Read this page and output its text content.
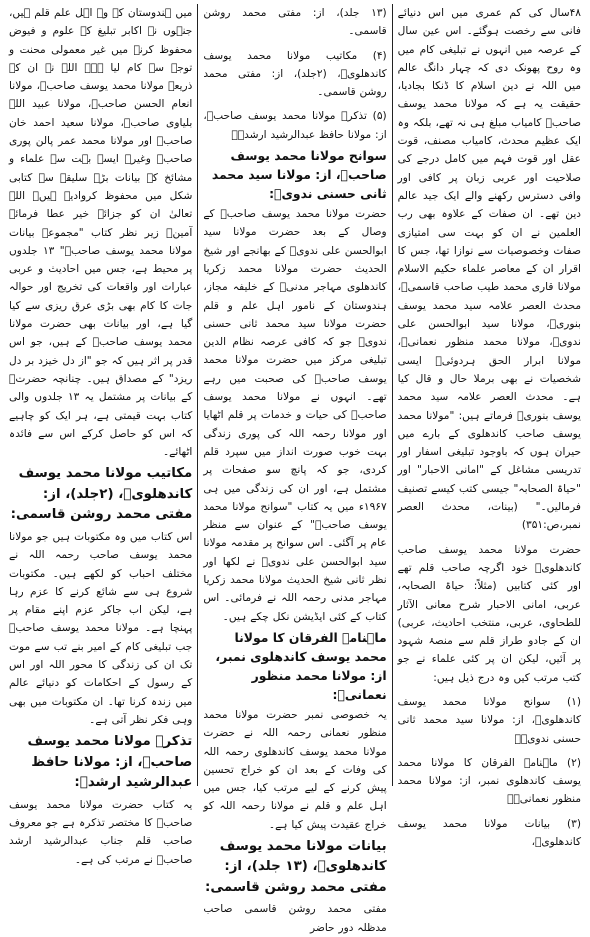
۴۸سال کی کم عمری میں اس دنیائے فانی سے رخصت ہوگئے۔ اس عین سال کے عرصہ میں انہوں نے تبلیغی کام میں وہ روح پھونک دی کہ چہار دانگ عالم میں اللہ نے دین اسلام کا ڈنکا بجادیا، حقیقت یہ ہے کہ مولانا محمد یوسف صاحبؒ کامیاب مبلغ ہی نہ تھے، بلکہ وہ ایک عظیم محدث، کامیاب مصنف، قوت عقل اور قوت فہم میں کامل درجے کی صلاحیت اور عربی زبان پر کافی اور وافی دسترس رکھنے والے ایک جید عالم دین تھے۔ ان صفات کے علاوہ بھی رب العلمین نے ان کو بہت سی امتیازی صفات وخصوصیات سے نوازا تھا، جس کا اقرار ان کے معاصر علماء حکیم الاسلام مولانا قاری محمد طیب صاحب قاسمیؒ، محدث العصر علامہ سید محمد یوسف بنوریؒ، مولانا سید ابوالحسن علی ندویؒ، مولانا محمد منظور نعمانیؒ، مولانا ابرار الحق ہردوئیؒ ایسی شخصیات نے بھی برملا حال و قال کیا ہے۔ محدث العصر علامہ سید محمد یوسف بنوریؒ فرماتے ہیں: "مولانا محمد یوسف صاحب کاندھلوی کے بارے میں حیران ہوں کہ باوجود تبلیغی اسفار اور تدریسی مشاغل کے "امانی الاحبار" اور "حیاۃ الصحابہ" جیسی کتب کیسے تصنیف فرمالیں۔" (بینات، محدث العصر نمبر،ص:۳۵۱)

حضرت مولانا محمد یوسف صاحب کاندھلویؒ خود اگرچہ صاحب قلم تھے اور کئی کتابیں (مثلاً: حیاۃ الصحابہ، عربی، امانی الاحبار شرح معانی الآثار للطحاوی، عربی، منتخب احادیث، عربی) ان کے جادو طراز قلم سے منصۂ شہود پر آئیں، لیکن ان پر کئی علماء نے جو کتب مرتب کیں وہ درج ذیل ہیں:

(۱) سوانح مولانا محمد یوسف کاندھلویؒ، از: مولانا سید محمد ثانی حسنی ندویؒ۔

(۲) ماہنامہ الفرقان کا مولانا محمد یوسف کاندھلوی نمبر، از: مولانا محمد منظور نعمانیؒ۔

(۳) بیانات مولانا محمد یوسف کاندھلویؒ،

(۱۳ جلد)، از: مفتی محمد روشن قاسمی۔

(۴) مکاتیب مولانا محمد یوسف کاندھلویؒ، (۲جلد)، از: مفتی محمد روشن قاسمی۔

(۵) تذکرہ مولانا محمد یوسف صاحبؒ، از: مولانا حافظ عبدالرشید ارشدؒ۔

سوانح مولانا محمد یوسف صاحبؒ، از: مولانا سید محمد ثانی حسنی ندویؒ:

حضرت مولانا محمد یوسف صاحبؒ کے وصال کے بعد حضرت مولانا سید ابوالحسن علی ندویؒ کے بھانجے اور شیخ الحدیث حضرت مولانا محمد زکریا کاندھلوی مہاجر مدنیؒ کے خلیفہ مجاز، ہندوستان کے نامور اہل علم و قلم حضرت مولانا سید محمد ثانی حسنی ندویؒ جو کہ کافی عرصہ نظام الدین تبلیغی مرکز میں حضرت مولانا محمد یوسف صاحبؒ کی صحبت میں رہے تھے۔ انہوں نے مولانا محمد یوسف صاحبؒ کی حیات و خدمات پر قلم اٹھایا اور مولانا رحمہ اللہ کی پوری زندگی بہت خوب صورت انداز میں سپرد قلم کردی، جو کہ پانچ سو صفحات پر مشتمل ہے، اور ان کی زندگی میں ہی ۱۹۶۷ء میں یہ کتاب "سوانح مولانا محمد یوسف صاحبؒ" کے عنوان سے منظر عام پر آگئی۔ اس سوانح پر مقدمہ مولانا سید ابوالحسن علی ندویؒ نے لکھا اور نظر ثانی شیخ الحدیث مولانا محمد زکریا مہاجر مدنی رحمہ اللہ نے فرمائی۔ اس کتاب کے کئی ایڈیشن نکل چکے ہیں۔

ماہنامہ الفرقان کا مولانا محمد یوسف کاندھلوی نمبر، از: مولانا محمد منظور نعمانیؒ:

یہ خصوصی نمبر حضرت مولانا محمد منظور نعمانی رحمہ اللہ نے حضرت مولانا محمد یوسف کاندھلوی رحمہ اللہ کی وفات کے بعد ان کو خراج تحسین پیش کرنے کے لیے مرتب کیا، جس میں اہل علم و قلم نے مولانا رحمہ اللہ کو خراج عقیدت پیش کیا ہے۔

بیانات مولانا محمد یوسف کاندھلویؒ، (۱۳ جلد)، از: مفتی محمد روشن قاسمی:

مفتی محمد روشن قاسمی صاحب مدظلہ دور حاضر

میں ہندوستان کے وہ اہل علم قلم ہیں، جنہوں نے اکابر تبلیغ کے علوم و فیوض محفوظ کرنے میں غیر معمولی محنت و توجہ سے کام لیا ہے۔ اللہ نے ان کے ذریعے مولانا محمد یوسف صاحبؒ، مولانا انعام الحسن صاحبؒ، مولانا عبید اللہ بلیاوی صاحبؒ، مولانا سعید احمد خان صاحبؒ اور مولانا محمد عمر پالن پوری صاحبؒ وغیرہ ایسے بہت سے علماء و مشائخ کے بیانات بڑے سلیقے سے کتابی شکل میں محفوظ کروادیے ہیں۔ اللہ تعالیٰ ان کو جزائے خیر عطا فرمائے آمین۔ زیر نظر کتاب "مجموعہ بیانات مولانا محمد یوسف صاحبؒ" ۱۳ جلدوں پر محیط ہے، جس میں احادیث و عربی عبارات اور واقعات کی تخریج اور حوالہ جات کا کام بھی بڑی عرق ریزی سے کیا گیا ہے، اور بیانات بھی حضرت مولانا محمد یوسف صاحبؒ کے ہیں، جو اس قدر پر اثر ہیں کہ جو "از دل خیزد بر دل ریزد" کے مصداق ہیں۔ چنانچہ حضرتؒ کے بیانات پر مشتمل یہ ۱۳ جلدوں والی کتاب بہت قیمتی ہے، ہر ایک کو چاہیے کہ اس کو حاصل کرکے اس سے فائدہ اٹھائے۔

مکاتیب مولانا محمد یوسف کاندھلویؒ، (۲جلد)، از: مفتی محمد روشن قاسمی:

اس کتاب میں وہ مکتوبات ہیں جو مولانا محمد یوسف صاحب رحمہ اللہ نے مختلف احباب کو لکھے ہیں۔ مکتوبات شروع ہی سے شائع کرنے کا عزم رہا ہے، لیکن اب جاکر عزم اپنے مقام پر پہنچا ہے۔ مولانا محمد یوسف صاحبؒ جب تبلیغی کام کے امیر بنے تب سے موت تک ان کی زندگی کا محور اللہ اور اس کے رسول کے احکامات کو دنیائے عالم میں زندہ کرنا تھا۔ ان مکتوبات میں بھی وہی فکر نظر آتی ہے۔

تذکرہ مولانا محمد یوسف صاحبؒ، از: مولانا حافظ عبدالرشید ارشدؒ:

یہ کتاب حضرت مولانا محمد یوسف صاحبؒ کا مختصر تذکرہ ہے جو معروف صاحب قلم جناب عبدالرشید ارشد صاحبؒ نے مرتب کی ہے۔
